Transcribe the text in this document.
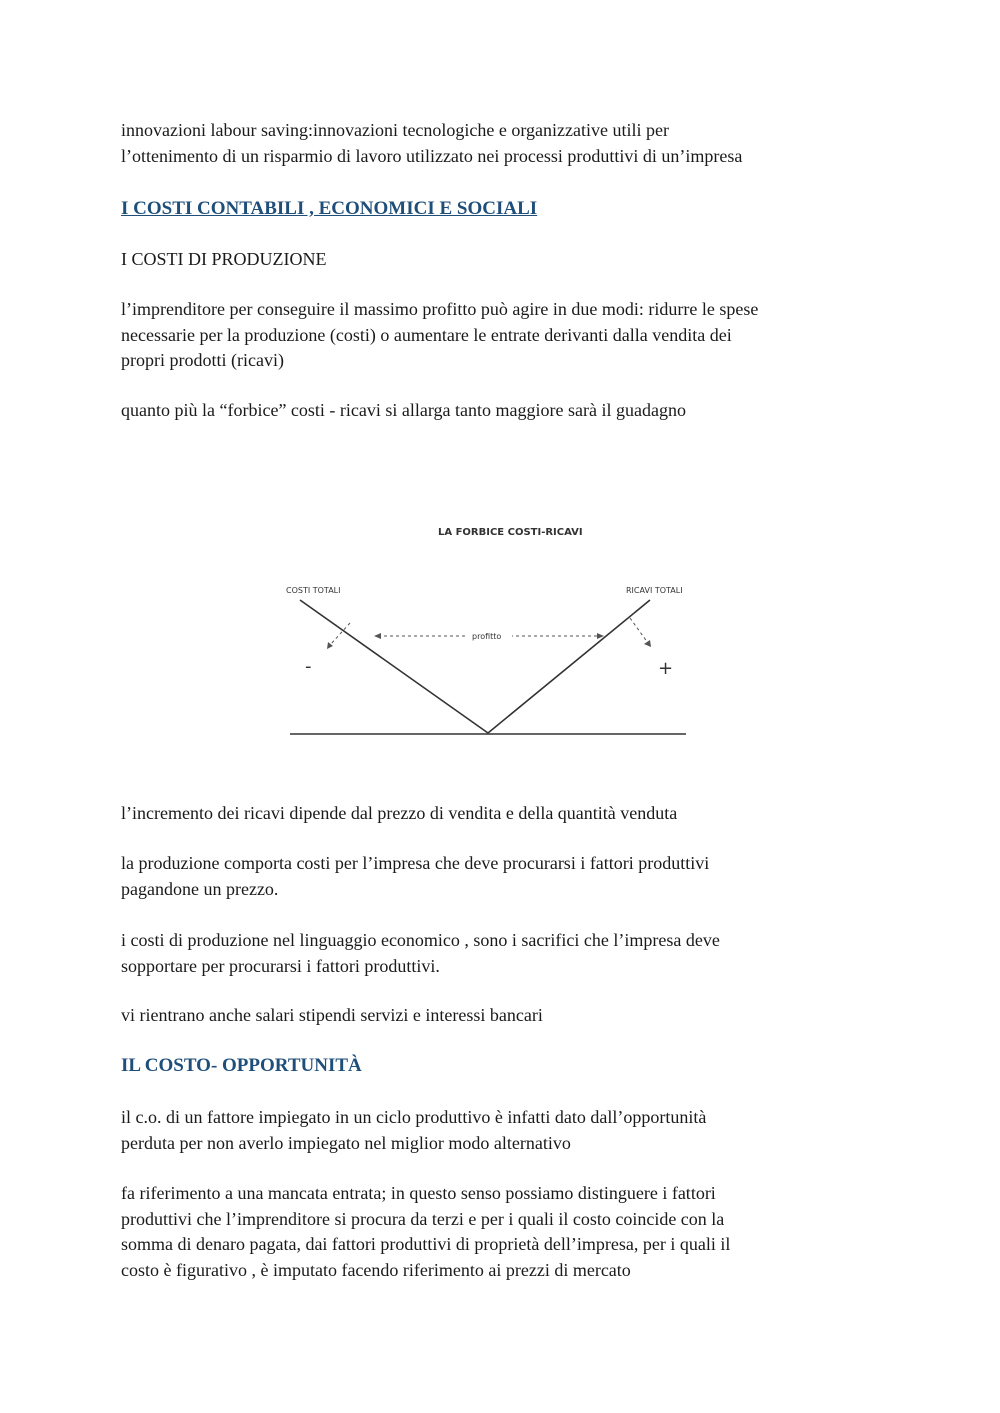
innovazioni labour saving:innovazioni tecnologiche e organizzative utili per
l’ottenimento di un risparmio di lavoro utilizzato nei processi produttivi di un’impresa

I COSTI CONTABILI , ECONOMICI E SOCIALI

I COSTI DI PRODUZIONE

l’imprenditore per conseguire il massimo profitto può agire in due modi: ridurre le spese
necessarie per la produzione (costi) o aumentare le entrate derivanti dalla vendita dei
propri prodotti (ricavi)

quanto più la “forbice” costi - ricavi si allarga tanto maggiore sarà il guadagno

l’incremento dei ricavi dipende dal prezzo di vendita e della quantità venduta

la produzione comporta costi per l’impresa che deve procurarsi i fattori produttivi
pagandone un prezzo.

i costi di produzione nel linguaggio economico , sono i sacrifici che l’impresa deve
sopportare per procurarsi i fattori produttivi.

vi rientrano anche salari stipendi servizi e interessi bancari

IL COSTO- OPPORTUNITÀ

il c.o. di un fattore impiegato in un ciclo produttivo è infatti dato dall’opportunità
perduta per non averlo impiegato nel miglior modo alternativo

fa riferimento a una mancata entrata; in questo senso possiamo distinguere i fattori
produttivi che l’imprenditore si procura da terzi e per i quali il costo coincide con la
somma di denaro pagata, dai fattori produttivi di proprietà dell’impresa, per i quali il
costo è figurativo , è imputato facendo riferimento ai prezzi di mercato

LA FORBICE COSTI-RICAVI
COSTI TOTALI	RICAVI TOTALI
profitto
-	+
